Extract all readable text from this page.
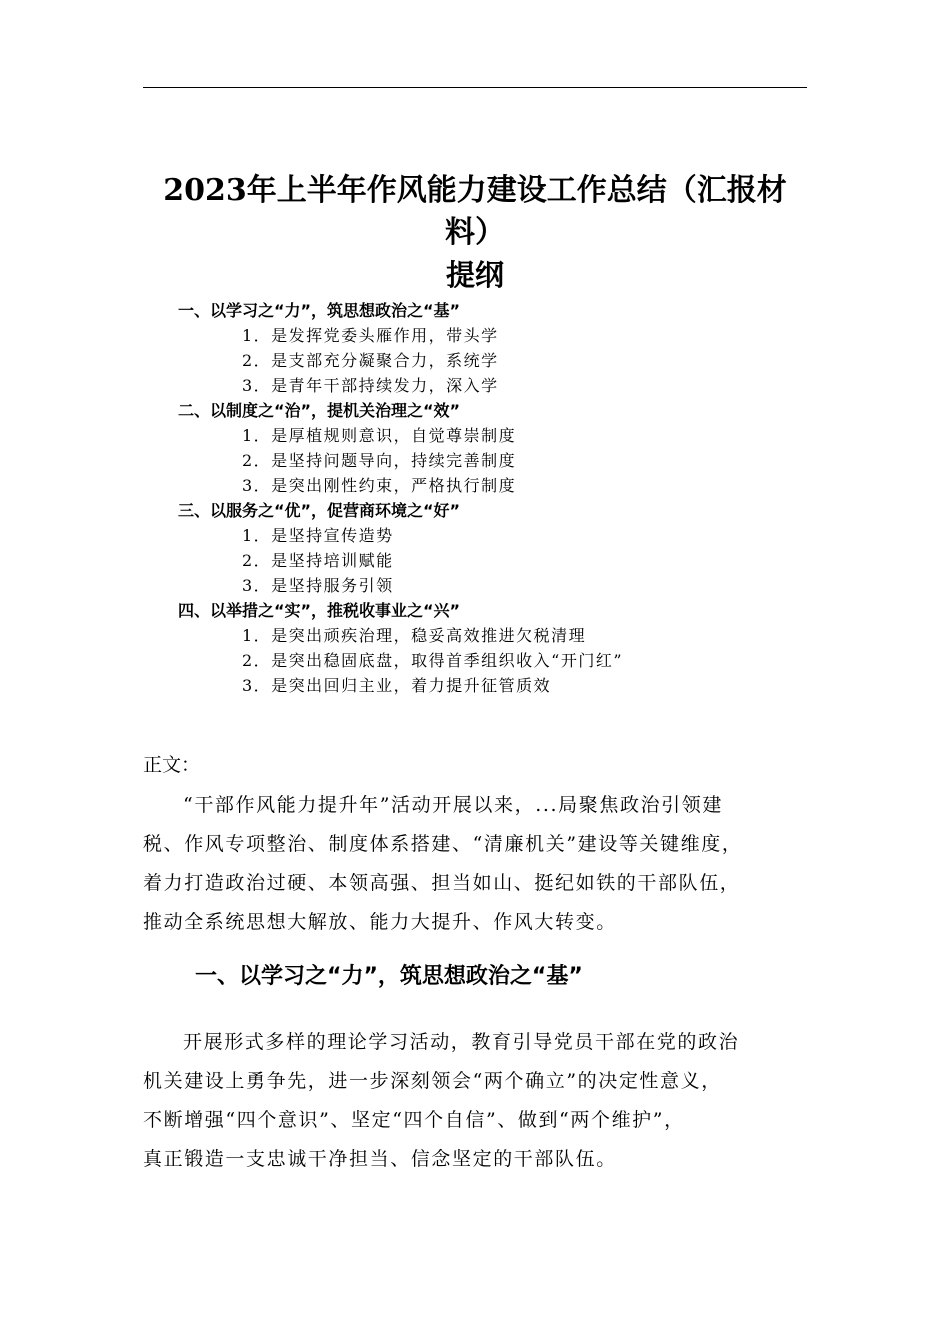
2023年上半年作风能力建设工作总结（汇报材
料）
提纲
一、以学习之“力”，筑思想政治之“基”
1．是发挥党委头雁作用，带头学
2．是支部充分凝聚合力，系统学
3．是青年干部持续发力，深入学
二、以制度之“治”，提机关治理之“效”
1．是厚植规则意识，自觉尊崇制度
2．是坚持问题导向，持续完善制度
3．是突出刚性约束，严格执行制度
三、以服务之“优”，促营商环境之“好”
1．是坚持宣传造势
2．是坚持培训赋能
3．是坚持服务引领
四、以举措之“实”，推税收事业之“兴”
1．是突出顽疾治理，稳妥高效推进欠税清理
2．是突出稳固底盘，取得首季组织收入“开门红”
3．是突出回归主业，着力提升征管质效
正文：
“干部作风能力提升年”活动开展以来，...局聚焦政治引领建
税、作风专项整治、制度体系搭建、“清廉机关”建设等关键维度，
着力打造政治过硬、本领高强、担当如山、挺纪如铁的干部队伍，
推动全系统思想大解放、能力大提升、作风大转变。
一、以学习之“力”，筑思想政治之“基”
开展形式多样的理论学习活动，教育引导党员干部在党的政治
机关建设上勇争先，进一步深刻领会“两个确立”的决定性意义，
不断增强“四个意识”、坚定“四个自信”、做到“两个维护”，
真正锻造一支忠诚干净担当、信念坚定的干部队伍。
